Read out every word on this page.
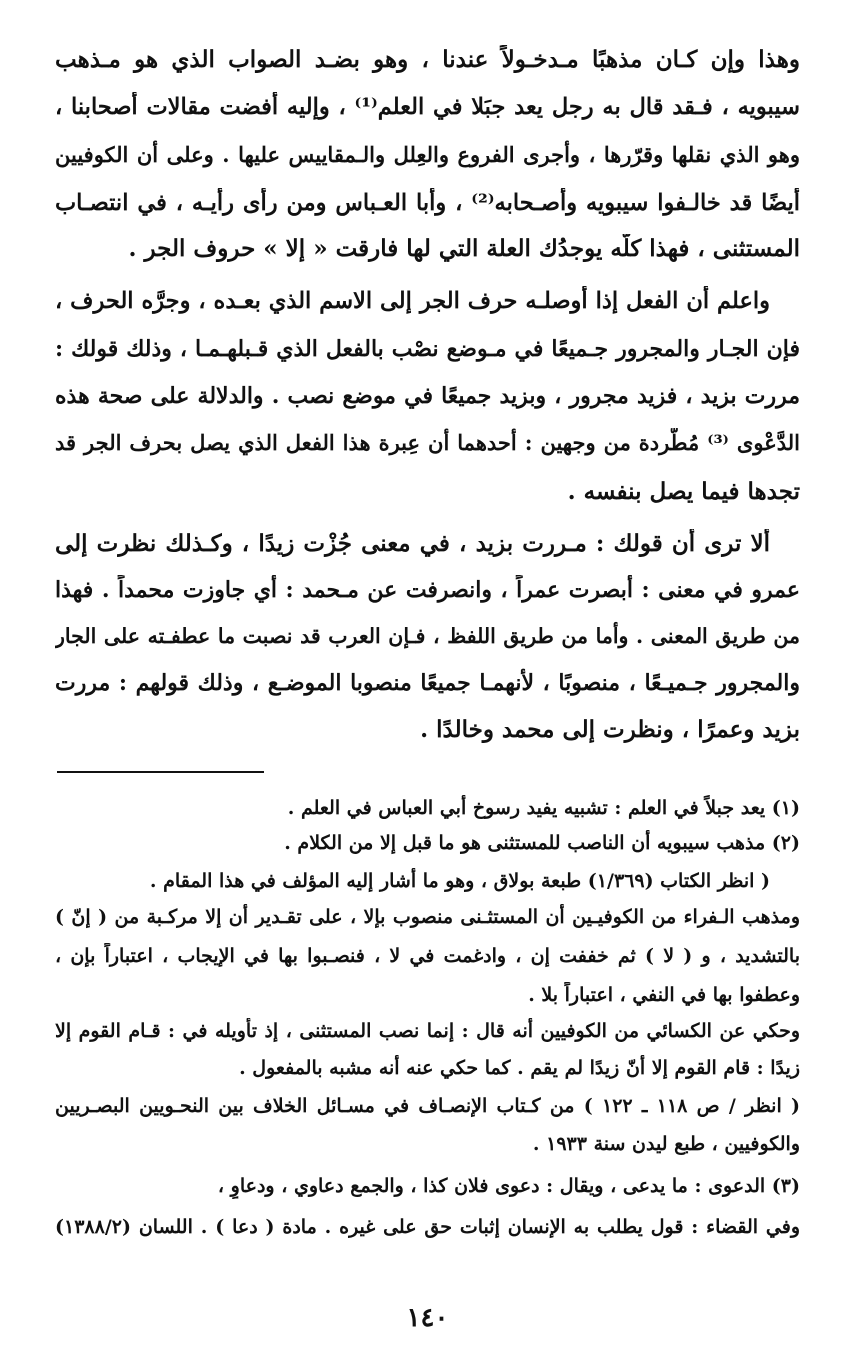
وهذا وإن كـان مذهبًا مـدخـولاً عندنا ، وهو بضـد الصواب الذي هو مـذهب
سيبويه ، فـقد قال به رجل يعد جبَلا في العلم⁽¹⁾ ، وإليه أفضت مقالات أصحابنا ،
وهو الذي نقلها وقرّرها ، وأجرى الفروع والعِلل والـمقاييس عليها . وعلى أن الكوفيين
أيضًا قد خالـفوا سيبويه وأصـحابه⁽²⁾ ، وأبا العـباس ومن رأى رأيـه ، في انتصـاب
المستثنى ، فهذا كلُّه يوجدُك العلة التي لها فارقت « إلا » حروف الجر .
واعلم أن الفعل إذا أوصلـه حرف الجر إلى الاسم الذي بعـده ، وجرَّه الحرف ،
فإن الجـار والمجرور جـميعًا في مـوضع نصْب بالفعل الذي قـبلهـمـا ، وذلك قولك :
مررت بزيد ، فزيد مجرور ، وبزيد جميعًا في موضع نصب . والدلالة على صحة هذه
الدَّعْوى ⁽³⁾ مُطَّردة من وجهين : أحدهما أن عِبرة هذا الفعل الذي يصل بحرف الجر قد
تجدها فيما يصل بنفسه .
ألا ترى أن قولك : مـررت بزيد ، في معنى جُزْت زيدًا ، وكـذلك نظرت إلى
عمرو في معنى : أبصرت عمراً ، وانصرفت عن مـحمد : أي جاوزت محمداً . فهذا
من طريق المعنى . وأما من طريق اللفظ ، فـإن العرب قد نصبت ما عطفـته على الجار
والمجرور جـميـعًا ، منصوبًا ، لأنهمـا جميعًا منصوبا الموضـع ، وذلك قولهم : مررت
بزيد وعمرًا ، ونظرت إلى محمد وخالدًا .
(١) يعد جبلاً في العلم : تشبيه يفيد رسوخ أبي العباس في العلم .
(٢) مذهب سيبويه أن الناصب للمستثنى هو ما قبل إلا من الكلام .
( انظر الكتاب (١/٣٦٩) طبعة بولاق ، وهو ما أشار إليه المؤلف في هذا المقام .
ومذهب الـفراء من الكوفيـين أن المستثـنى منصوب بإلا ، على تقـدير أن إلا مركـبة من ( إنّ )
بالتشديد ، و ( لا ) ثم خففت إن ، وادغمت في لا ، فنصـبوا بها في الإيجاب ، اعتباراً بإن ،
وعطفوا بها في النفي ، اعتباراً بلا .
وحكي عن الكسائي من الكوفيين أنه قال : إنما نصب المستثنى ، إذ تأويله في : قـام القوم إلا
زيدًا : قام القوم إلا أنّ زيدًا لم يقم . كما حكي عنه أنه مشبه بالمفعول .
( انظر / ص ١١٨ ـ ١٢٢ ) من كـتاب الإنصـاف في مسـائل الخلاف بين النحـويين البصـريين
والكوفيين ، طبع ليدن سنة ١٩٣٣ .
(٣) الدعوى : ما يدعى ، ويقال : دعوى فلان كذا ، والجمع دعاوي ، ودعاوٍ ،
وفي القضاء : قول يطلب به الإنسان إثبات حق على غيره . مادة ( دعا ) . اللسان (١٣٨٨/٢)
١٤٠
